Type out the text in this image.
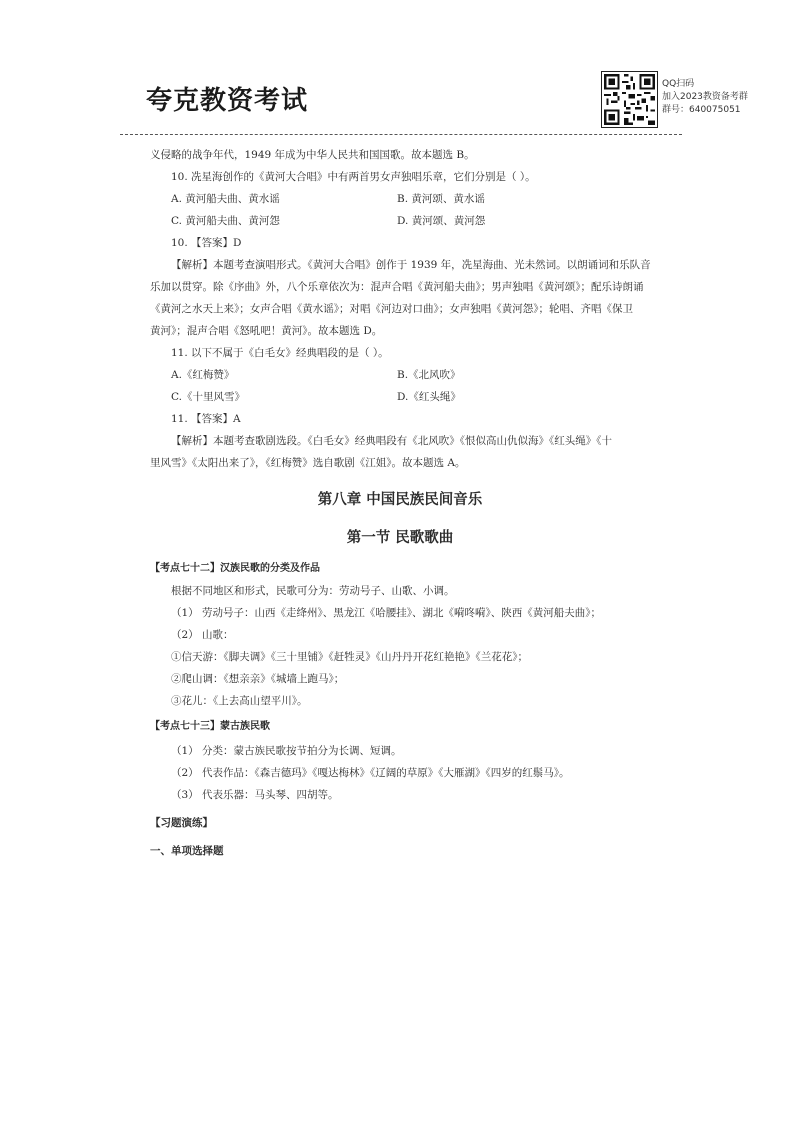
夸克教资考试
QQ扫码
加入2023教资备考群
群号：640075051
义侵略的战争年代，1949 年成为中华人民共和国国歌。故本题选 B。
10. 冼星海创作的《黄河大合唱》中有两首男女声独唱乐章，它们分别是（ ）。
A. 黄河船夫曲、黄水谣	B. 黄河颂、黄水谣
C. 黄河船夫曲、黄河怨	D. 黄河颂、黄河怨
10. 【答案】D
【解析】本题考查演唱形式。《黄河大合唱》创作于 1939 年，冼星海曲、光未然词。以朗诵词和乐队音
乐加以贯穿。除《序曲》外，八个乐章依次为：混声合唱《黄河船夫曲》；男声独唱《黄河颂》；配乐诗朗诵
《黄河之水天上来》；女声合唱《黄水谣》；对唱《河边对口曲》；女声独唱《黄河怨》；轮唱、齐唱《保卫
黄河》；混声合唱《怒吼吧！黄河》。故本题选 D。
11. 以下不属于《白毛女》经典唱段的是（ ）。
A.《红梅赞》	B.《北风吹》
C.《十里风雪》	D.《红头绳》
11. 【答案】A
【解析】本题考查歌剧选段。《白毛女》经典唱段有《北风吹》《恨似高山仇似海》《红头绳》《十
里风雪》《太阳出来了》，《红梅赞》选自歌剧《江姐》。故本题选 A。
第八章 中国民族民间音乐
第一节 民歌歌曲
【考点七十二】汉族民歌的分类及作品
根据不同地区和形式，民歌可分为：劳动号子、山歌、小调。
（1） 劳动号子：山西《走绛州》、黑龙江《哈腰挂》、湖北《嗬咚嗬》、陕西《黄河船夫曲》；
（2） 山歌：
①信天游：《脚夫调》《三十里铺》《赶牲灵》《山丹丹开花红艳艳》《兰花花》；
②爬山调：《想亲亲》《城墙上跑马》；
③花儿：《上去高山望平川》。
【考点七十三】蒙古族民歌
（1） 分类：蒙古族民歌按节拍分为长调、短调。
（2） 代表作品：《森吉德玛》《嘎达梅林》《辽阔的草原》《大雁湖》《四岁的红鬃马》。
（3） 代表乐器：马头琴、四胡等。
【习题演练】
一、单项选择题
